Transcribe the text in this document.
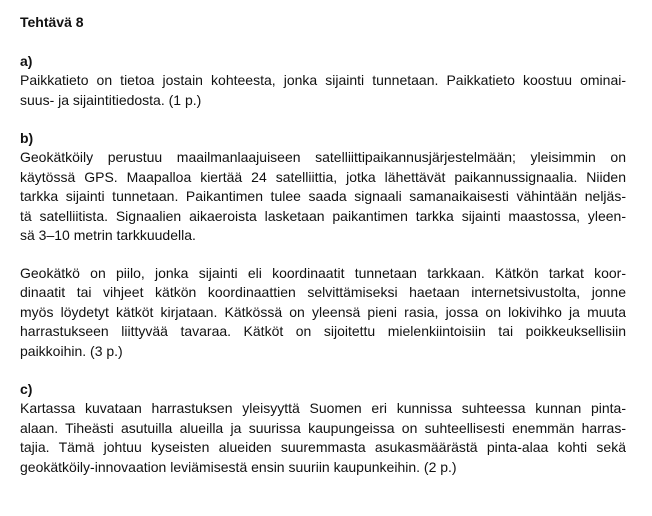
Tehtävä 8
a)
Paikkatieto on tietoa jostain kohteesta, jonka sijainti tunnetaan. Paikkatieto koostuu ominai-
suus- ja sijaintitiedosta. (1 p.)
b)
Geokätköily perustuu maailmanlaajuiseen satelliittipaikannusjärjestelmään; yleisimmin on
käytössä GPS. Maapalloa kiertää 24 satelliittia, jotka lähettävät paikannussignaalia. Niiden
tarkka sijainti tunnetaan. Paikantimen tulee saada signaali samanaikaisesti vähintään neljäs-
tä satelliitista. Signaalien aikaeroista lasketaan paikantimen tarkka sijainti maastossa, yleen-
sä 3–10 metrin tarkkuudella.
Geokätkö on piilo, jonka sijainti eli koordinaatit tunnetaan tarkkaan. Kätkön tarkat koor-
dinaatit tai vihjeet kätkön koordinaattien selvittämiseksi haetaan internetsivustolta, jonne
myös löydetyt kätköt kirjataan. Kätkössä on yleensä pieni rasia, jossa on lokivihko ja muuta
harrastukseen liittyvää tavaraa. Kätköt on sijoitettu mielenkiintoisiin tai poikkeuksellisiin
paikkoihin. (3 p.)
c)
Kartassa kuvataan harrastuksen yleisyyttä Suomen eri kunnissa suhteessa kunnan pinta-
alaan. Tiheästi asutuilla alueilla ja suurissa kaupungeissa on suhteellisesti enemmän harras-
tajia. Tämä johtuu kyseisten alueiden suuremmasta asukasmäärästä pinta-alaa kohti sekä
geokätköily-innovaation leviämisestä ensin suuriin kaupunkeihin. (2 p.)
